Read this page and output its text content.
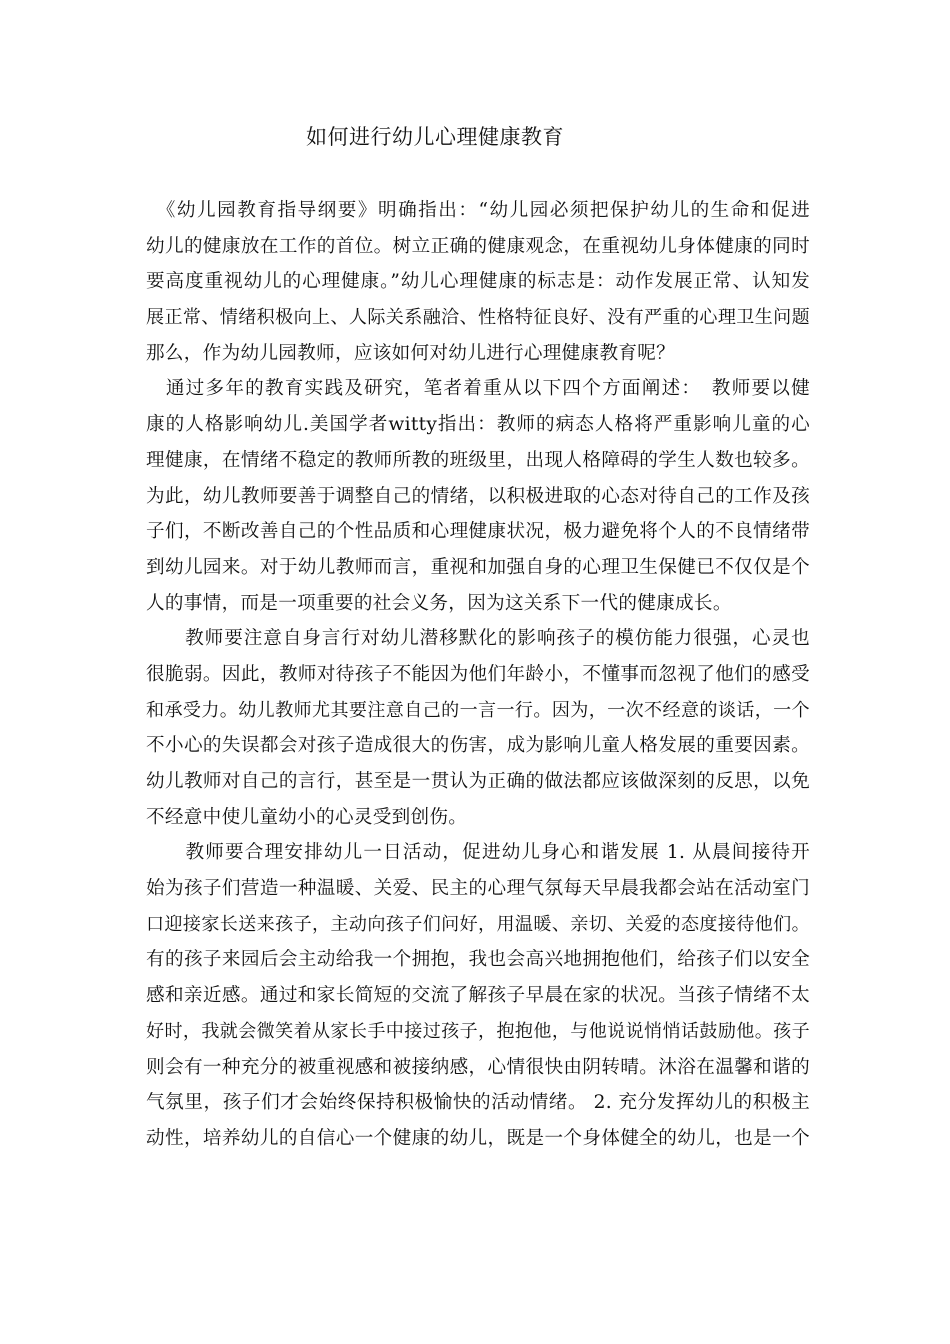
如何进行幼儿心理健康教育
　《幼儿园教育指导纲要》明确指出：“幼儿园必须把保护幼儿的生命和促进
幼儿的健康放在工作的首位。树立正确的健康观念，在重视幼儿身体健康的同时
要高度重视幼儿的心理健康。”幼儿心理健康的标志是：动作发展正常、认知发
展正常、情绪积极向上、人际关系融洽、性格特征良好、没有严重的心理卫生问题
那么，作为幼儿园教师，应该如何对幼儿进行心理健康教育呢？
　通过多年的教育实践及研究，笔者着重从以下四个方面阐述：　教师要以健
康的人格影响幼儿.美国学者witty指出：教师的病态人格将严重影响儿童的心
理健康，在情绪不稳定的教师所教的班级里，出现人格障碍的学生人数也较多。
为此，幼儿教师要善于调整自己的情绪，以积极进取的心态对待自己的工作及孩
子们，不断改善自己的个性品质和心理健康状况，极力避免将个人的不良情绪带
到幼儿园来。对于幼儿教师而言，重视和加强自身的心理卫生保健已不仅仅是个
人的事情，而是一项重要的社会义务，因为这关系下一代的健康成长。
　　教师要注意自身言行对幼儿潜移默化的影响孩子的模仿能力很强，心灵也
很脆弱。因此，教师对待孩子不能因为他们年龄小，不懂事而忽视了他们的感受
和承受力。幼儿教师尤其要注意自己的一言一行。因为，一次不经意的谈话，一个
不小心的失误都会对孩子造成很大的伤害，成为影响儿童人格发展的重要因素。
幼儿教师对自己的言行，甚至是一贯认为正确的做法都应该做深刻的反思，以免
不经意中使儿童幼小的心灵受到创伤。
　　教师要合理安排幼儿一日活动，促进幼儿身心和谐发展 1. 从晨间接待开
始为孩子们营造一种温暖、关爱、民主的心理气氛每天早晨我都会站在活动室门
口迎接家长送来孩子，主动向孩子们问好，用温暖、亲切、关爱的态度接待他们。
有的孩子来园后会主动给我一个拥抱，我也会高兴地拥抱他们，给孩子们以安全
感和亲近感。通过和家长简短的交流了解孩子早晨在家的状况。当孩子情绪不太
好时，我就会微笑着从家长手中接过孩子，抱抱他，与他说说悄悄话鼓励他。孩子
则会有一种充分的被重视感和被接纳感，心情很快由阴转晴。沐浴在温馨和谐的
气氛里，孩子们才会始终保持积极愉快的活动情绪。 2. 充分发挥幼儿的积极主
动性，培养幼儿的自信心一个健康的幼儿，既是一个身体健全的幼儿，也是一个
